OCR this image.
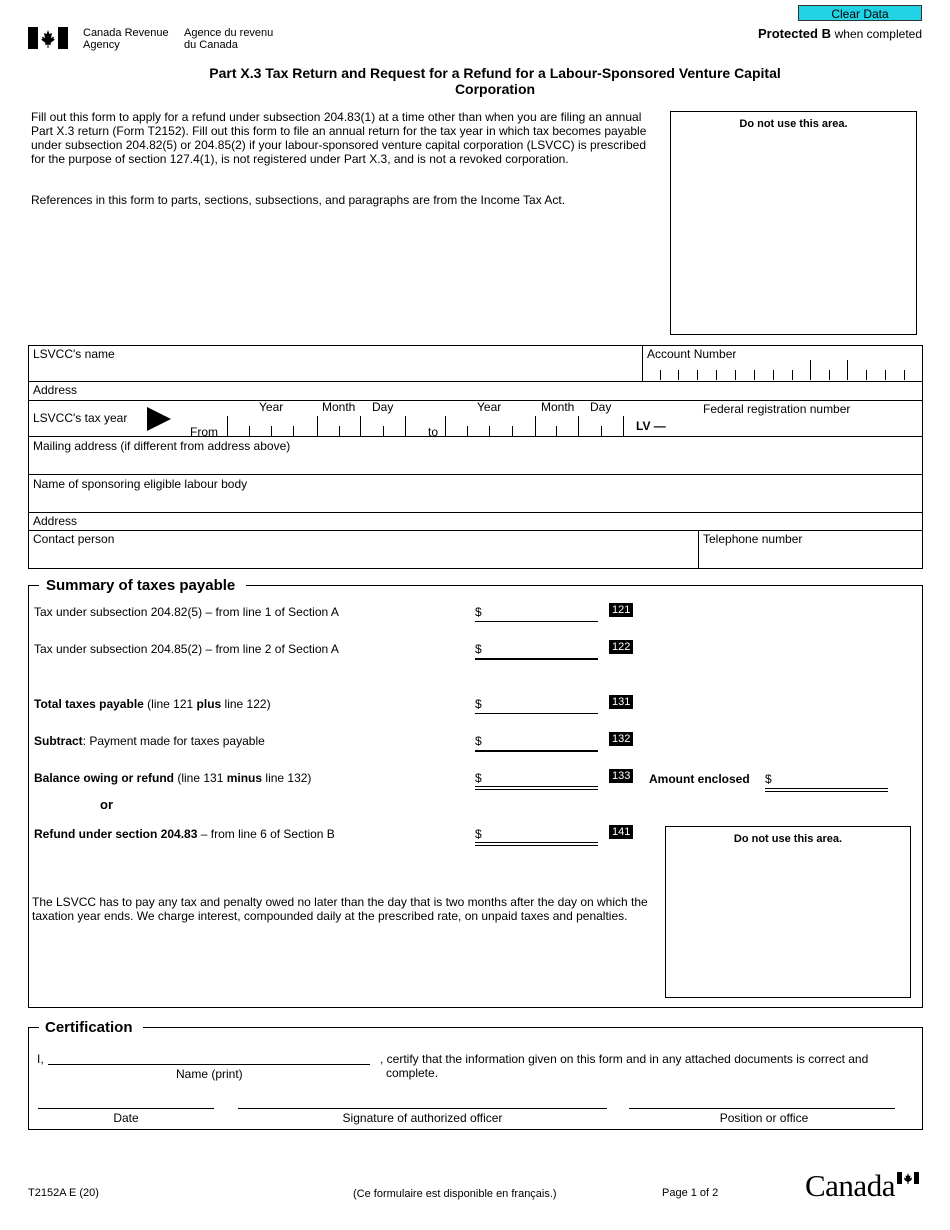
Clear Data
Canada Revenue
Agency
Agence du revenu
du Canada
Protected B when completed
Part X.3 Tax Return and Request for a Refund for a Labour-Sponsored Venture Capital
Corporation
Fill out this form to apply for a refund under subsection 204.83(1) at a time other than when you are filing an annual Part X.3 return (Form T2152). Fill out this form to file an annual return for the tax year in which tax becomes payable under subsection 204.82(5) or 204.85(2) if your labour-sponsored venture capital corporation (LSVCC) is prescribed for the purpose of section 127.4(1), is not registered under Part X.3, and is not a revoked corporation.
References in this form to parts, sections, subsections, and paragraphs are from the Income Tax Act.
Do not use this area.
LSVCC's name	Account Number
Address
LSVCC's tax year
From
Year	Month Day
to
Year	Month Day
LV —
Federal registration number
Mailing address (if different from address above)
Name of sponsoring eligible labour body
Address
Contact person	Telephone number
Summary of taxes payable
Tax under subsection 204.82(5) – from line 1 of Section A	$	121
Tax under subsection 204.85(2) – from line 2 of Section A	$	122
Total taxes payable (line 121 plus line 122)	$	131
Subtract: Payment made for taxes payable	$	132
Balance owing or refund (line 131 minus line 132)	$	133 Amount enclosed $
or
Refund under section 204.83 – from line 6 of Section B	$	141
Do not use this area.
The LSVCC has to pay any tax and penalty owed no later than the day that is two months after the day on which the taxation year ends. We charge interest, compounded daily at the prescribed rate, on unpaid taxes and penalties.
Certification
I,
Name (print)
, certify that the information given on this form and in any attached documents is correct and complete.
Date	Signature of authorized officer	Position or office
T2152A E (20)	(Ce formulaire est disponible en français.)	Page 1 of 2	Canada
